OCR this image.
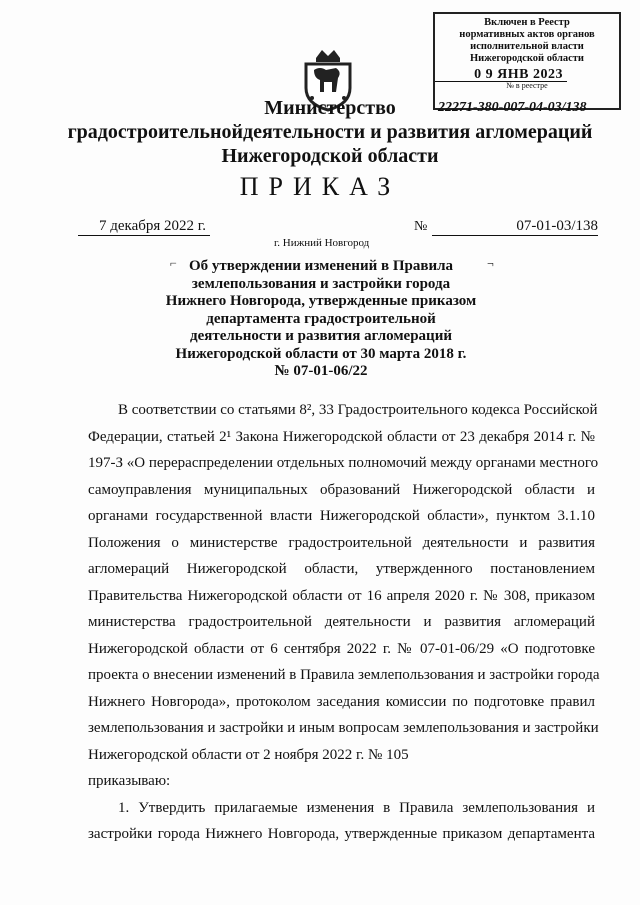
Включен в Реестр
нормативных актов органов
исполнительной власти
Нижегородской области
0 9 ЯНВ 2023
№ в реестре
22271-380-007-04-03/138
Министерство
градостроительнойдеятельности и развития агломераций
Нижегородской области
ПРИКАЗ
7 декабря 2022 г.	№	07-01-03/138
г. Нижний Новгород
⌐	¬
Об утверждении изменений в Правила
землепользования и застройки города
Нижнего Новгорода, утвержденные приказом
департамента градостроительной
деятельности и развития агломераций
Нижегородской области от 30 марта 2018 г.
№ 07-01-06/22
В соответствии со статьями 8², 33 Градостроительного кодекса Российской
Федерации, статьей 2¹ Закона Нижегородской области от 23 декабря 2014 г. №
197-З «О перераспределении отдельных полномочий между органами местного
самоуправления муниципальных образований Нижегородской области и
органами государственной власти Нижегородской области», пунктом 3.1.10
Положения о министерстве градостроительной деятельности и развития
агломераций Нижегородской области, утвержденного постановлением
Правительства Нижегородской области от 16 апреля 2020 г. № 308, приказом
министерства градостроительной деятельности и развития агломераций
Нижегородской области от 6 сентября 2022 г. № 07-01-06/29 «О подготовке
проекта о внесении изменений в Правила землепользования и застройки города
Нижнего Новгорода», протоколом заседания комиссии по подготовке правил
землепользования и застройки и иным вопросам землепользования и застройки
Нижегородской области от 2 ноября 2022 г. № 105
приказываю:
1. Утвердить прилагаемые изменения в Правила землепользования и
застройки города Нижнего Новгорода, утвержденные приказом департамента
